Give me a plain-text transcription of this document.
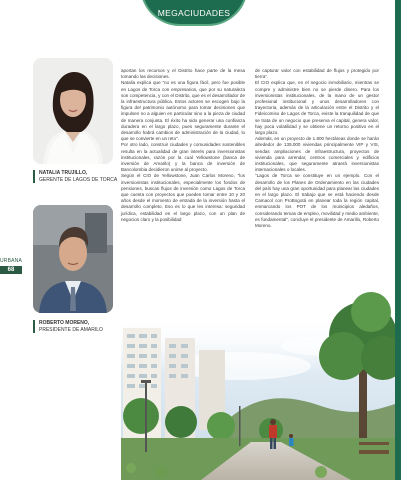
MEGACIUDADES
URBANA
68
NATALIA TRUJILLO,
GERENTE DE LAGOS DE TORCA
ROBERTO MORENO,
PRESIDENTE DE AMARILO

aportan los recursos y el Distrito hace parte de la mesa tomando las decisiones.

Natalia explica que "no es una figura fácil, pero fue posible en Lagos de Torca con empresarios, que por su naturaleza son competencia, y con el Distrito, que es el desarrollador de la infraestructura pública. Estos actores se escogen bajo la figura del patrimonio autónomo para tomar decisiones que impulsen no a alguien en particular sino a la pieza de ciudad de manera conjunta. El éxito ha sido generar una confianza duradera en el largo plazo, pues seguramente durante el desarrollo habrá cambios de administración de la ciudad, lo que se convierte en un reto".

Por otro lado, construir ciudades y comunidades sostenibles resulta en la actualidad de gran interés para inversionistas institucionales, razón por la cual Yellowstone (banca de inversión de Amarilo) y la banca de inversión de Bancolombia decidieron unirse al proyecto.

Según el CIO de Yellowstone, Juan Carlos Moreno, "los inversionistas institucionales, especialmente los fondos de pensiones, buscan flujos de inversión como Lagos de Torca que cuenta con proyectos que pueden tomar entre 10 y 20 años desde el momento de entrada de la inversión hasta el desarrollo completo. Eso es lo que les interesa: seguridad jurídica, estabilidad en el largo plazo, con un plan de negocios claro y la posibilidad

de capturar valor con estabilidad de flujos y protegido por tierra".

El CIO explica que, en el negocio inmobiliario, mientras se compre y administre bien no se pierde dinero. Para los inversionistas institucionales, de la mano de un gestor profesional institucional y unos desarrolladores con trayectoria, además de la articulación entre el Distrito y el Fideicomiso de Lagos de Torca, existe la tranquilidad de que se trata de un negocio que preserva el capital, genera valor, hay poca volatilidad y se obtiene un retorno positivo en el largo plazo.

Además, es un proyecto de 1.800 hectáreas donde se harán alrededor de 135.000 viviendas principalmente VIP y VIS, sendas ampliaciones de infraestructura, proyectos de vivienda para arrendar, centros comerciales y edificios institucionales, que seguramente atraerá inversionistas internacionales o locales.

"Lagos de Torca se constituye en un ejemplo. Con el desarrollo de los Planes de Ordenamiento en las ciudades del país hay una gran oportunidad para planear las ciudades en el largo plazo. El trabajo que se está haciendo desde Camacol con ProBogotá en planear toda la región capital, enmarcando los POT de los municipios aledaños, considerando temas de empleo, movilidad y medio ambiente, es fundamental", concluye el presidente de Amarillo, Roberto Moreno.
